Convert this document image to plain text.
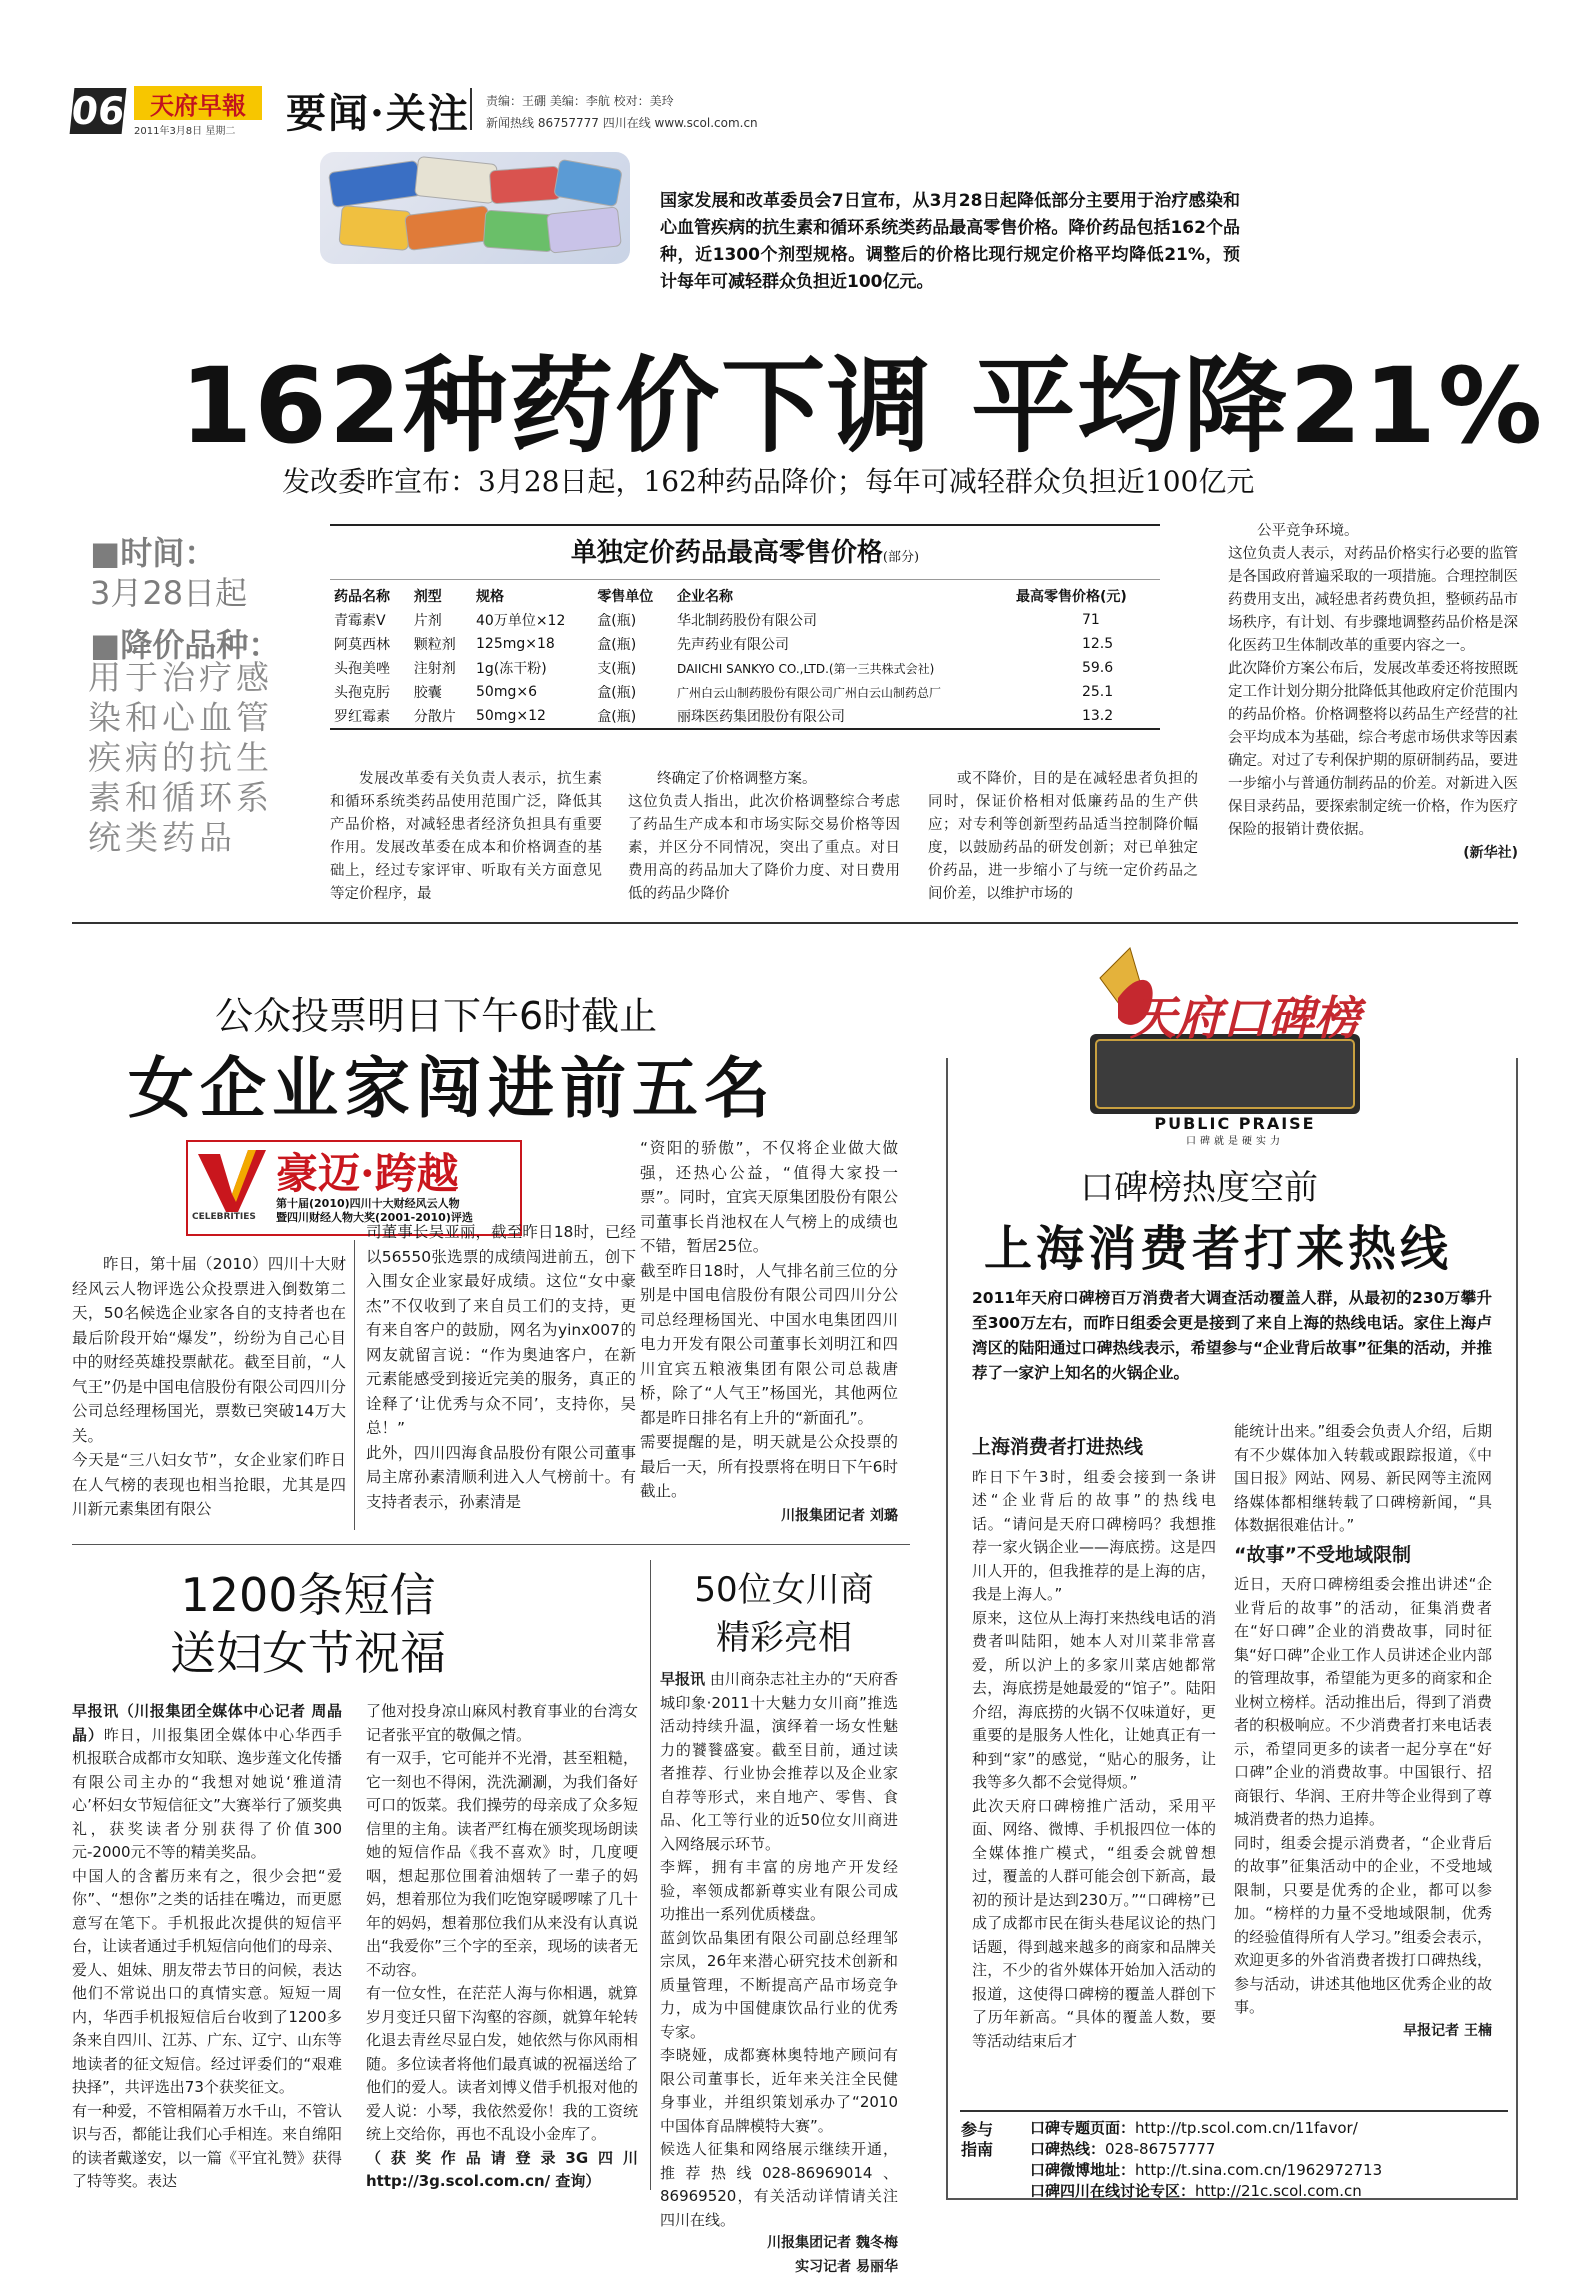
06 天府早報
2011年3月8日 星期二 要闻·关注 责编：王硼 美编：李航 校对：美玲
新闻热线 86757777 四川在线 www.scol.com.cn
国家发展和改革委员会7日宣布，从3月28日起降低部分主要用于治疗感染和心血管疾病的抗生素和循环系统类药品最高零售价格。降价药品包括162个品种，近1300个剂型规格。调整后的价格比现行规定价格平均降低21%，预计每年可减轻群众负担近100亿元。
162种药价下调 平均降21%
发改委昨宣布：3月28日起，162种药品降价；每年可减轻群众负担近100亿元
■时间：
3月28日起
■降价品种：
用于治疗感染和心血管疾病的抗生素和循环系统类药品
单独定价药品最高零售价格(部分)
药品名称	剂型	规格	零售单位	企业名称	最高零售价格(元)
青霉素V	片剂	40万单位×12	盒(瓶)	华北制药股份有限公司	71
阿莫西林	颗粒剂	125mg×18	盒(瓶)	先声药业有限公司	12.5
头孢美唑	注射剂	1g(冻干粉)	支(瓶)	DAIICHI SANKYO CO.,LTD.(第一三共株式会社)	59.6
头孢克肟	胶囊	50mg×6	盒(瓶)	广州白云山制药股份有限公司广州白云山制药总厂	25.1
罗红霉素	分散片	50mg×12	盒(瓶)	丽珠医药集团股份有限公司	13.2
公平竞争环境。
这位负责人表示，对药品价格实行必要的监管是各国政府普遍采取的一项措施。合理控制医药费用支出，减轻患者药费负担，整顿药品市场秩序，有计划、有步骤地调整药品价格是深化医药卫生体制改革的重要内容之一。
此次降价方案公布后，发展改革委还将按照既定工作计划分期分批降低其他政府定价范围内的药品价格。价格调整将以药品生产经营的社会平均成本为基础，综合考虑市场供求等因素确定。对过了专利保护期的原研制药品，要进一步缩小与普通仿制药品的价差。对新进入医保目录药品，要探索制定统一价格，作为医疗保险的报销计费依据。
(新华社)

发展改革委有关负责人表示，抗生素和循环系统类药品使用范围广泛，降低其产品价格，对减轻患者经济负担具有重要作用。发展改革委在成本和价格调查的基础上，经过专家评审、听取有关方面意见等定价程序，最

终确定了价格调整方案。
这位负责人指出，此次价格调整综合考虑了药品生产成本和市场实际交易价格等因素，并区分不同情况，突出了重点。对日费用高的药品加大了降价力度、对日费用低的药品少降价

或不降价，目的是在减轻患者负担的同时，保证价格相对低廉药品的生产供应；对专利等创新型药品适当控制降价幅度，以鼓励药品的研发创新；对已单独定价药品，进一步缩小了与统一定价药品之间价差，以维护市场的

公众投票明日下午6时截止
女企业家闯进前五名
CELEBRITIES
豪迈·跨越
第十届(2010)四川十大财经风云人物
暨四川财经人物大奖(2001-2010)评选
昨日，第十届（2010）四川十大财经风云人物评选公众投票进入倒数第二天，50名候选企业家各自的支持者也在最后阶段开始“爆发”，纷纷为自己心目中的财经英雄投票献花。截至目前，“人气王”仍是中国电信股份有限公司四川分公司总经理杨国光，票数已突破14万大关。
今天是“三八妇女节”，女企业家们昨日在人气榜的表现也相当抢眼，尤其是四川新元素集团有限公
司董事长吴亚丽，截至昨日18时，已经以56550张选票的成绩闯进前五，创下入围女企业家最好成绩。这位“女中豪杰”不仅收到了来自员工们的支持，更有来自客户的鼓励，网名为yinx007的网友就留言说：“作为奥迪客户，在新元素能感受到接近完美的服务，真正的诠释了‘让优秀与众不同’，支持你，吴总！”
此外，四川四海食品股份有限公司董事局主席孙素清顺利进入人气榜前十。有支持者表示，孙素清是
“资阳的骄傲”，不仅将企业做大做强，还热心公益，“值得大家投一票”。同时，宜宾天原集团股份有限公司董事长肖池权在人气榜上的成绩也不错，暂居25位。
截至昨日18时，人气排名前三位的分别是中国电信股份有限公司四川分公司总经理杨国光、中国水电集团四川电力开发有限公司董事长刘明江和四川宜宾五粮液集团有限公司总裁唐桥，除了“人气王”杨国光，其他两位都是昨日排名有上升的“新面孔”。
需要提醒的是，明天就是公众投票的最后一天，所有投票将在明日下午6时截止。
川报集团记者 刘璐
1200条短信
送妇女节祝福
早报讯（川报集团全媒体中心记者 周晶晶）昨日，川报集团全媒体中心华西手机报联合成都市女知联、逸步莲文化传播有限公司主办的“我想对她说‘雅道清心’杯妇女节短信征文”大赛举行了颁奖典礼，获奖读者分别获得了价值300元-2000元不等的精美奖品。
中国人的含蓄历来有之，很少会把“爱你”、“想你”之类的话挂在嘴边，而更愿意写在笔下。手机报此次提供的短信平台，让读者通过手机短信向他们的母亲、爱人、姐妹、朋友带去节日的问候，表达他们不常说出口的真情实意。短短一周内，华西手机报短信后台收到了1200多条来自四川、江苏、广东、辽宁、山东等地读者的征文短信。经过评委们的“艰难抉择”，共评选出73个获奖征文。
有一种爱，不管相隔着万水千山，不管认识与否，都能让我们心手相连。来自绵阳的读者戴遂安，以一篇《平宜礼赞》获得了特等奖。表达
了他对投身凉山麻风村教育事业的台湾女记者张平宜的敬佩之情。
有一双手，它可能并不光滑，甚至粗糙，它一刻也不得闲，洗洗涮涮，为我们备好可口的饭菜。我们操劳的母亲成了众多短信里的主角。读者严红梅在颁奖现场朗读她的短信作品《我不喜欢》时，几度哽咽，想起那位围着油烟转了一辈子的妈妈，想着那位为我们吃饱穿暖啰嗦了几十年的妈妈，想着那位我们从来没有认真说出“我爱你”三个字的至亲，现场的读者无不动容。
有一位女性，在茫茫人海与你相遇，就算岁月变迁只留下沟壑的容颜，就算年轮转化退去青丝尽显白发，她依然与你风雨相随。多位读者将他们最真诚的祝福送给了他们的爱人。读者刘博义借手机报对他的爱人说：小琴，我依然爱你！我的工资统统上交给你，再也不乱设小金库了。
（获奖作品请登录3G四川http://3g.scol.com.cn/ 查询）
50位女川商
精彩亮相
早报讯 由川商杂志社主办的“天府香城印象·2011十大魅力女川商”推选活动持续升温，演绎着一场女性魅力的饕餮盛宴。截至目前，通过读者推荐、行业协会推荐以及企业家自荐等形式，来自地产、零售、食品、化工等行业的近50位女川商进入网络展示环节。
李辉，拥有丰富的房地产开发经验，率领成都新尊实业有限公司成功推出一系列优质楼盘。
蓝剑饮品集团有限公司副总经理邹宗凤，26年来潜心研究技术创新和质量管理，不断提高产品市场竞争力，成为中国健康饮品行业的优秀专家。
李晓娅，成都赛林奥特地产顾问有限公司董事长，近年来关注全民健身事业，并组织策划承办了“2010中国体育品牌模特大赛”。
候选人征集和网络展示继续开通，推荐热线028-86969014、86969520，有关活动详情请关注四川在线。
川报集团记者 魏冬梅
实习记者 易丽华
天府口碑榜
PUBLIC PRAISE
口碑就是硬实力
口碑榜热度空前
上海消费者打来热线
2011年天府口碑榜百万消费者大调查活动覆盖人群，从最初的230万攀升至300万左右，而昨日组委会更是接到了来自上海的热线电话。家住上海卢湾区的陆阳通过口碑热线表示，希望参与“企业背后故事”征集的活动，并推荐了一家沪上知名的火锅企业。
上海消费者打进热线
昨日下午3时，组委会接到一条讲述“企业背后的故事”的热线电话。“请问是天府口碑榜吗？我想推荐一家火锅企业——海底捞。这是四川人开的，但我推荐的是上海的店，我是上海人。”
原来，这位从上海打来热线电话的消费者叫陆阳，她本人对川菜非常喜爱，所以沪上的多家川菜店她都常去，海底捞是她最爱的“馆子”。陆阳介绍，海底捞的火锅不仅味道好，更重要的是服务人性化，让她真正有一种到“家”的感觉，“贴心的服务，让我等多久都不会觉得烦。”
此次天府口碑榜推广活动，采用平面、网络、微博、手机报四位一体的全媒体推广模式，“组委会就曾想过，覆盖的人群可能会创下新高，最初的预计是达到230万。”“口碑榜”已成了成都市民在街头巷尾议论的热门话题，得到越来越多的商家和品牌关注，不少的省外媒体开始加入活动的报道，这使得口碑榜的覆盖人群创下了历年新高。“具体的覆盖人数，要等活动结束后才
能统计出来。”组委会负责人介绍，后期有不少媒体加入转载或跟踪报道，《中国日报》网站、网易、新民网等主流网络媒体都相继转载了口碑榜新闻，“具体数据很难估计。”
“故事”不受地域限制
近日，天府口碑榜组委会推出讲述“企业背后的故事”的活动，征集消费者在“好口碑”企业的消费故事，同时征集“好口碑”企业工作人员讲述企业内部的管理故事，希望能为更多的商家和企业树立榜样。活动推出后，得到了消费者的积极响应。不少消费者打来电话表示，希望同更多的读者一起分享在“好口碑”企业的消费故事。中国银行、招商银行、华润、王府井等企业得到了尊城消费者的热力追捧。
同时，组委会提示消费者，“企业背后的故事”征集活动中的企业，不受地域限制，只要是优秀的企业，都可以参加。“榜样的力量不受地域限制，优秀的经验值得所有人学习。”组委会表示，欢迎更多的外省消费者拨打口碑热线，参与活动，讲述其他地区优秀企业的故事。
早报记者 王楠
参与指南
口碑专题页面：http://tp.scol.com.cn/11favor/
口碑热线：028-86757777
口碑微博地址：http://t.sina.com.cn/1962972713
口碑四川在线讨论专区：http://21c.scol.com.cn
